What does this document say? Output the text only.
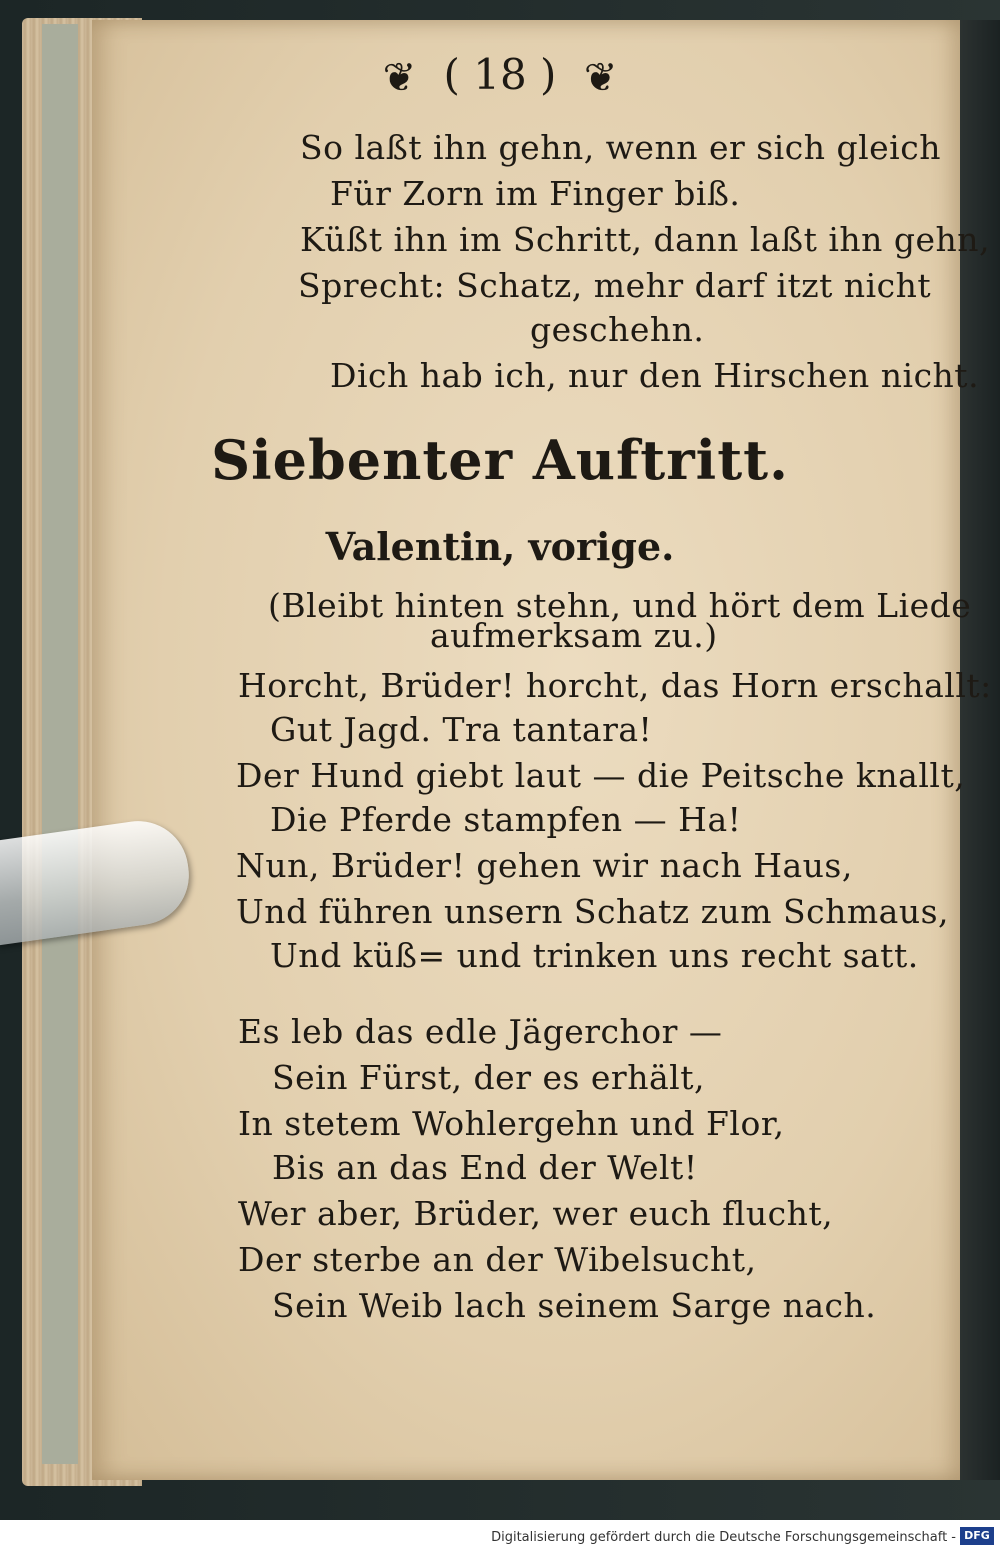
❦ ( 18 ) ❦
So laßt ihn gehn, wenn er sich gleich
Für Zorn im Finger biß.
Küßt ihn im Schritt, dann laßt ihn gehn,
Sprecht: Schatz, mehr darf itzt nicht
geschehn.
Dich hab ich, nur den Hirschen nicht.
Siebenter Auftritt.
Valentin, vorige.
(Bleibt hinten stehn, und hört dem Liede
aufmerksam zu.)
Horcht, Brüder! horcht, das Horn erschallt:
Gut Jagd. Tra tantara!
Der Hund giebt laut — die Peitsche knallt,
Die Pferde stampfen — Ha!
Nun, Brüder! gehen wir nach Haus,
Und führen unsern Schatz zum Schmaus,
Und küß= und trinken uns recht satt.
Es leb das edle Jägerchor —
Sein Fürst, der es erhält,
In stetem Wohlergehn und Flor,
Bis an das End der Welt!
Wer aber, Brüder, wer euch flucht,
Der sterbe an der Wibelsucht,
Sein Weib lach seinem Sarge nach.
Digitalisierung gefördert durch die Deutsche Forschungsgemeinschaft - DFG
